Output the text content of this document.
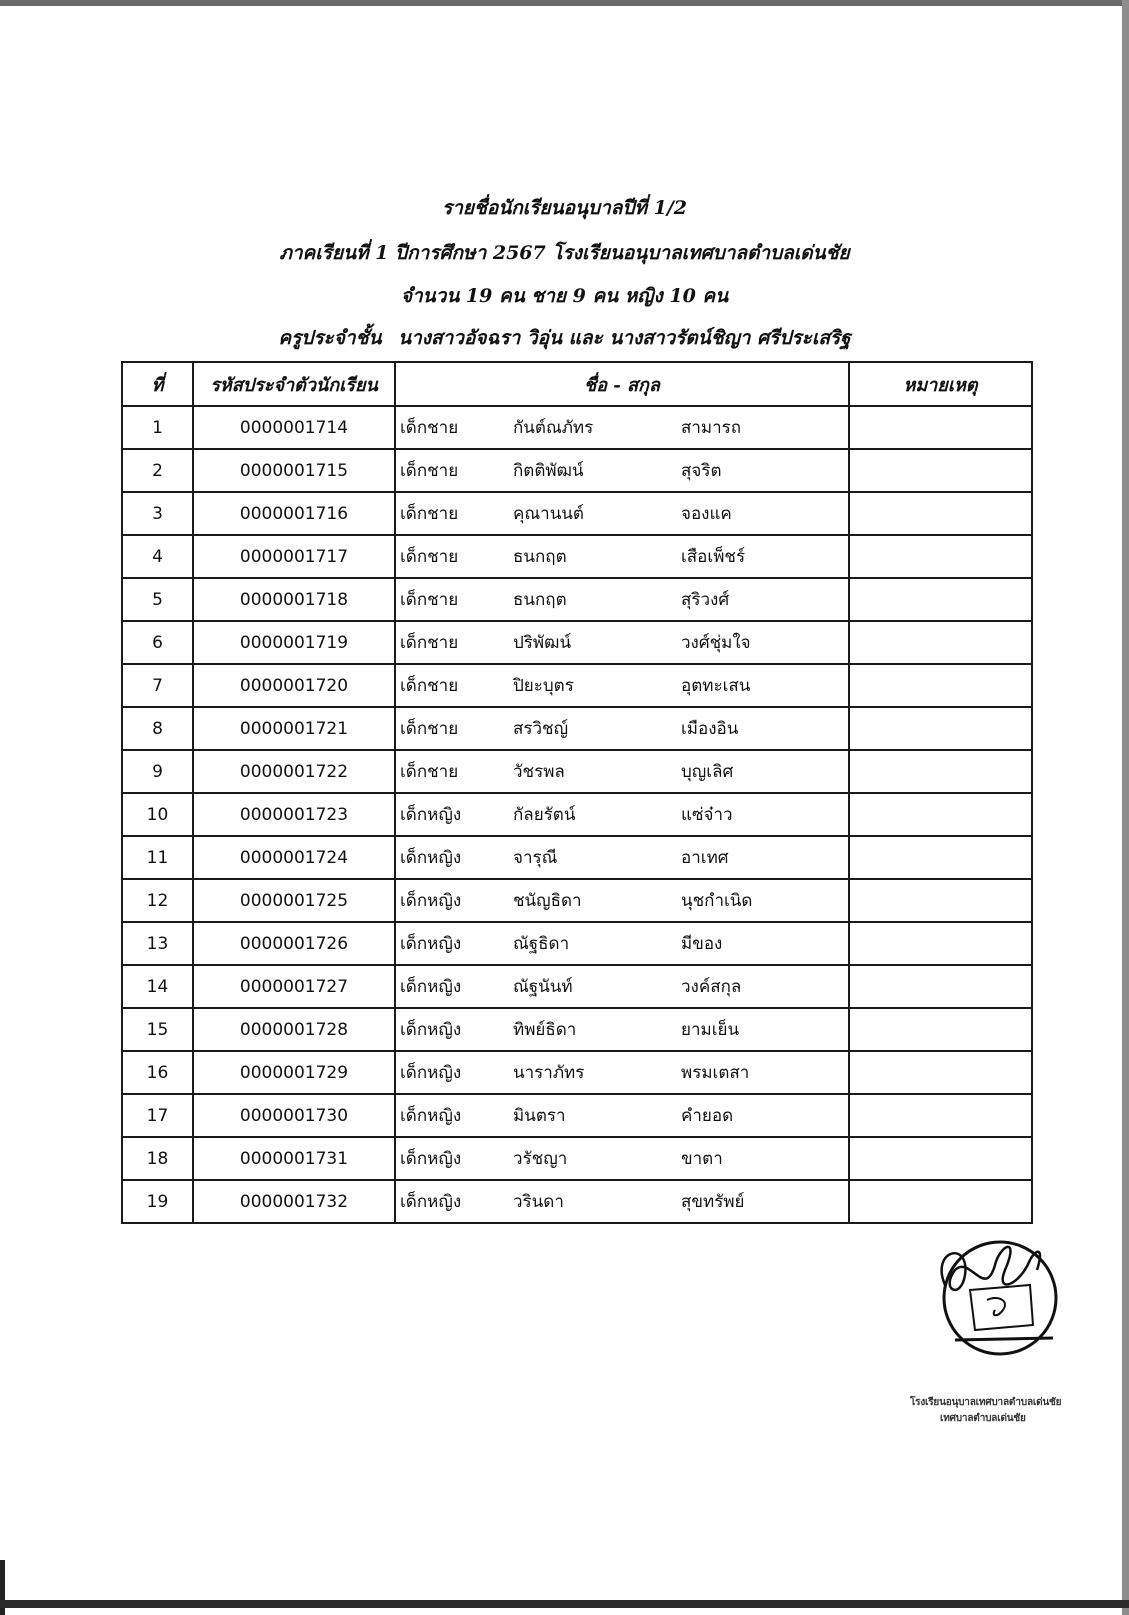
รายชื่อนักเรียนอนุบาลปีที่ 1/2
ภาคเรียนที่ 1 ปีการศึกษา 2567 โรงเรียนอนุบาลเทศบาลตำบลเด่นชัย
จำนวน 19 คน ชาย 9 คน หญิง 10 คน
ครูประจำชั้น นางสาวอัจฉรา วิอุ่น และ นางสาวรัตน์ชิญา ศรีประเสริฐ
ที่	รหัสประจำตัวนักเรียน	ชื่อ - สกุล	หมายเหตุ
1	0000001714	เด็กชาย กันต์ณภัทร สามารถ	

2	0000001715	เด็กชาย กิตติพัฒน์ สุจริต	

3	0000001716	เด็กชาย คุณานนต์ จองแค	

4	0000001717	เด็กชาย ธนกฤต เสือเพ็ชร์	

5	0000001718	เด็กชาย ธนกฤต สุริวงศ์	

6	0000001719	เด็กชาย ปริพัฒน์ วงศ์ชุ่มใจ	

7	0000001720	เด็กชาย ปิยะบุตร อุตทะเสน	

8	0000001721	เด็กชาย สรวิชญ์ เมืองอิน	

9	0000001722	เด็กชาย วัชรพล บุญเลิศ	

10	0000001723	เด็กหญิง กัลยรัตน์ แซ่จ๋าว	

11	0000001724	เด็กหญิง จารุณี อาเทศ	

12	0000001725	เด็กหญิง ชนัญธิดา นุชกำเนิด	

13	0000001726	เด็กหญิง ณัฐธิดา มีของ	

14	0000001727	เด็กหญิง ณัฐนันท์ วงค์สกุล	

15	0000001728	เด็กหญิง ทิพย์ธิดา ยามเย็น	

16	0000001729	เด็กหญิง นาราภัทร พรมเตสา	

17	0000001730	เด็กหญิง มินตรา คำยอด	

18	0000001731	เด็กหญิง วรัชญา ขาตา	

19	0000001732	เด็กหญิง วรินดา สุขทรัพย์	

โรงเรียนอนุบาลเทศบาลตำบลเด่นชัย
เทศบาลตำบลเด่นชัย
